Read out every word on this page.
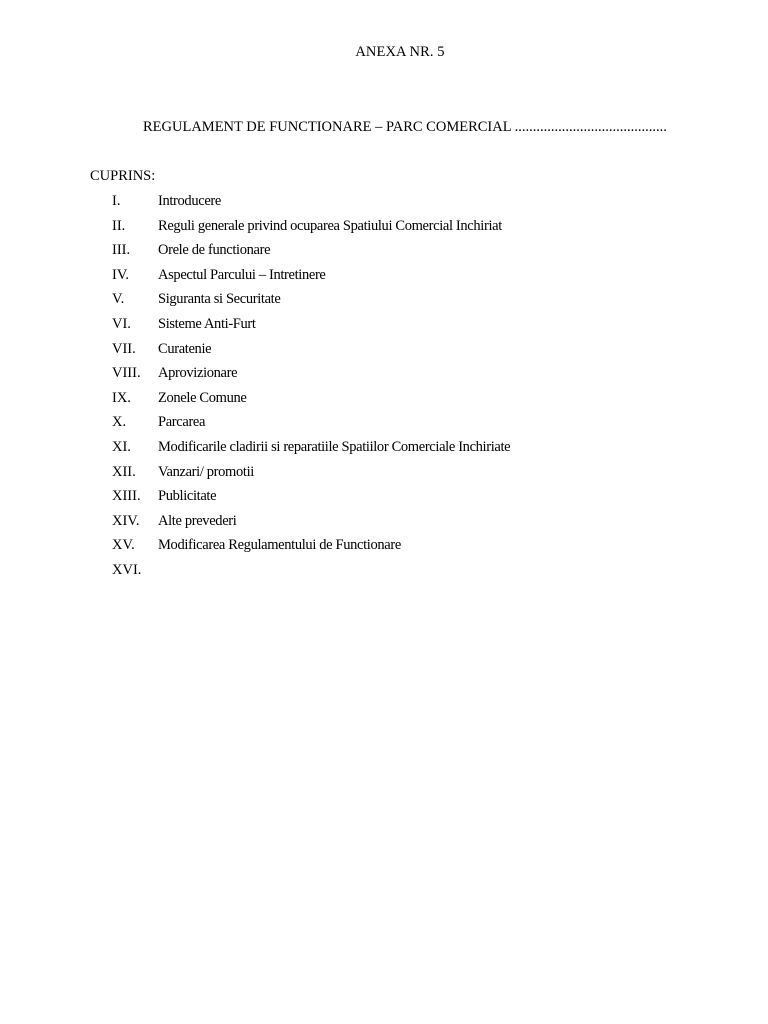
ANEXA NR. 5
REGULAMENT DE FUNCTIONARE – PARC COMERCIAL ..........................................
CUPRINS:
I.	Introducere
II.	Reguli generale privind ocuparea Spatiului Comercial Inchiriat
III.	Orele de functionare
IV.	Aspectul Parcului – Intretinere
V.	Siguranta si Securitate
VI.	Sisteme Anti-Furt
VII.	Curatenie
VIII.	Aprovizionare
IX.	Zonele Comune
X.	Parcarea
XI.	Modificarile cladirii si reparatiile Spatiilor Comerciale Inchiriate
XII.	Vanzari/ promotii
XIII.	Publicitate
XIV.	Alte prevederi
XV.	Modificarea Regulamentului de Functionare
XVI.
